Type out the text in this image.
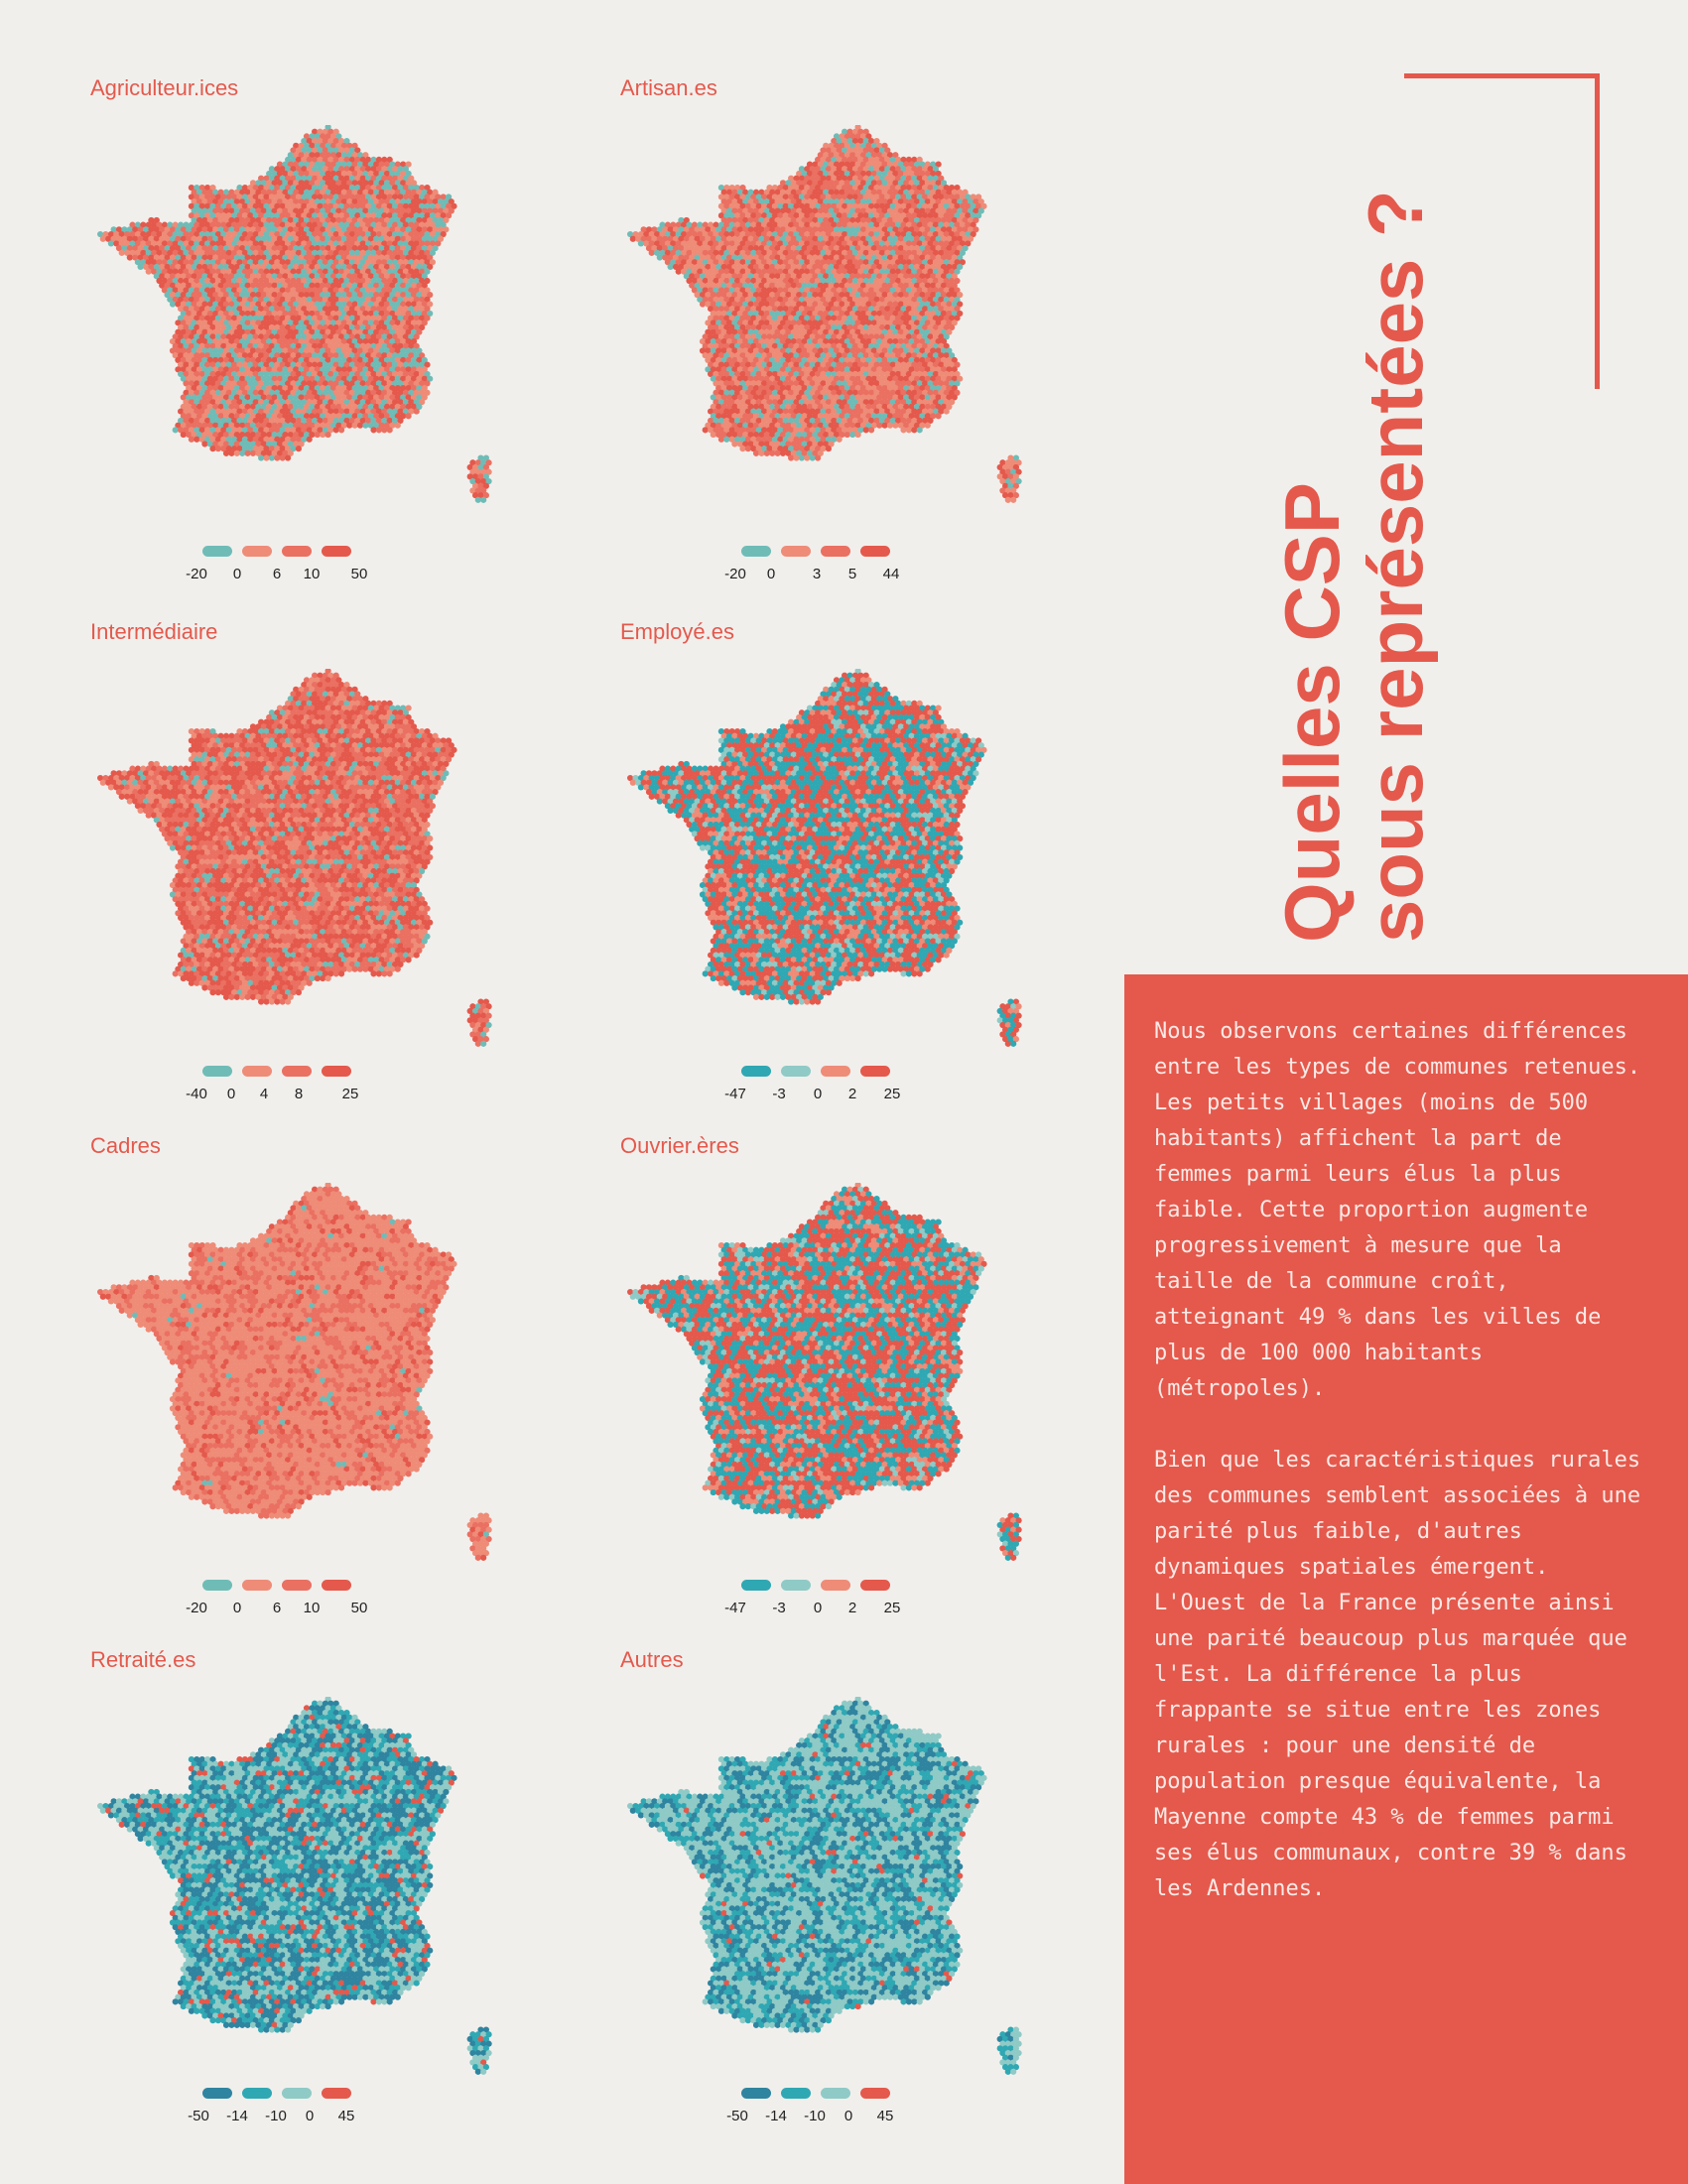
Quelles CSP
sous représentées ?

Nous observons certaines différences entre les types de communes retenues. Les petits villages (moins de 500 habitants) affichent la part de femmes parmi leurs élus la plus faible. Cette proportion augmente progressivement à mesure que la taille de la commune croît, atteignant 49 % dans les villes de plus de 100 000 habitants (métropoles).

Bien que les caractéristiques rurales des communes semblent associées à une parité plus faible, d'autres dynamiques spatiales émergent. L'Ouest de la France présente ainsi une parité beaucoup plus marquée que l'Est. La différence la plus frappante se situe entre les zones rurales : pour une densité de population presque équivalente, la Mayenne compte 43 % de femmes parmi ses élus communaux, contre 39 % dans les Ardennes.

Agriculteur.ices
-20 0 6 10 50
Artisan.es
-20 0	3 5 44
Intermédiaire
-40 0 4 8	25
Employé.es
-47 -3 0 2 25
Cadres
-20 0 6 10 50
Ouvrier.ères
-47 -3 0 2 25
Retraité.es
-50 -14 -10 0 45
Autres
-50 -14 -10 0 45
